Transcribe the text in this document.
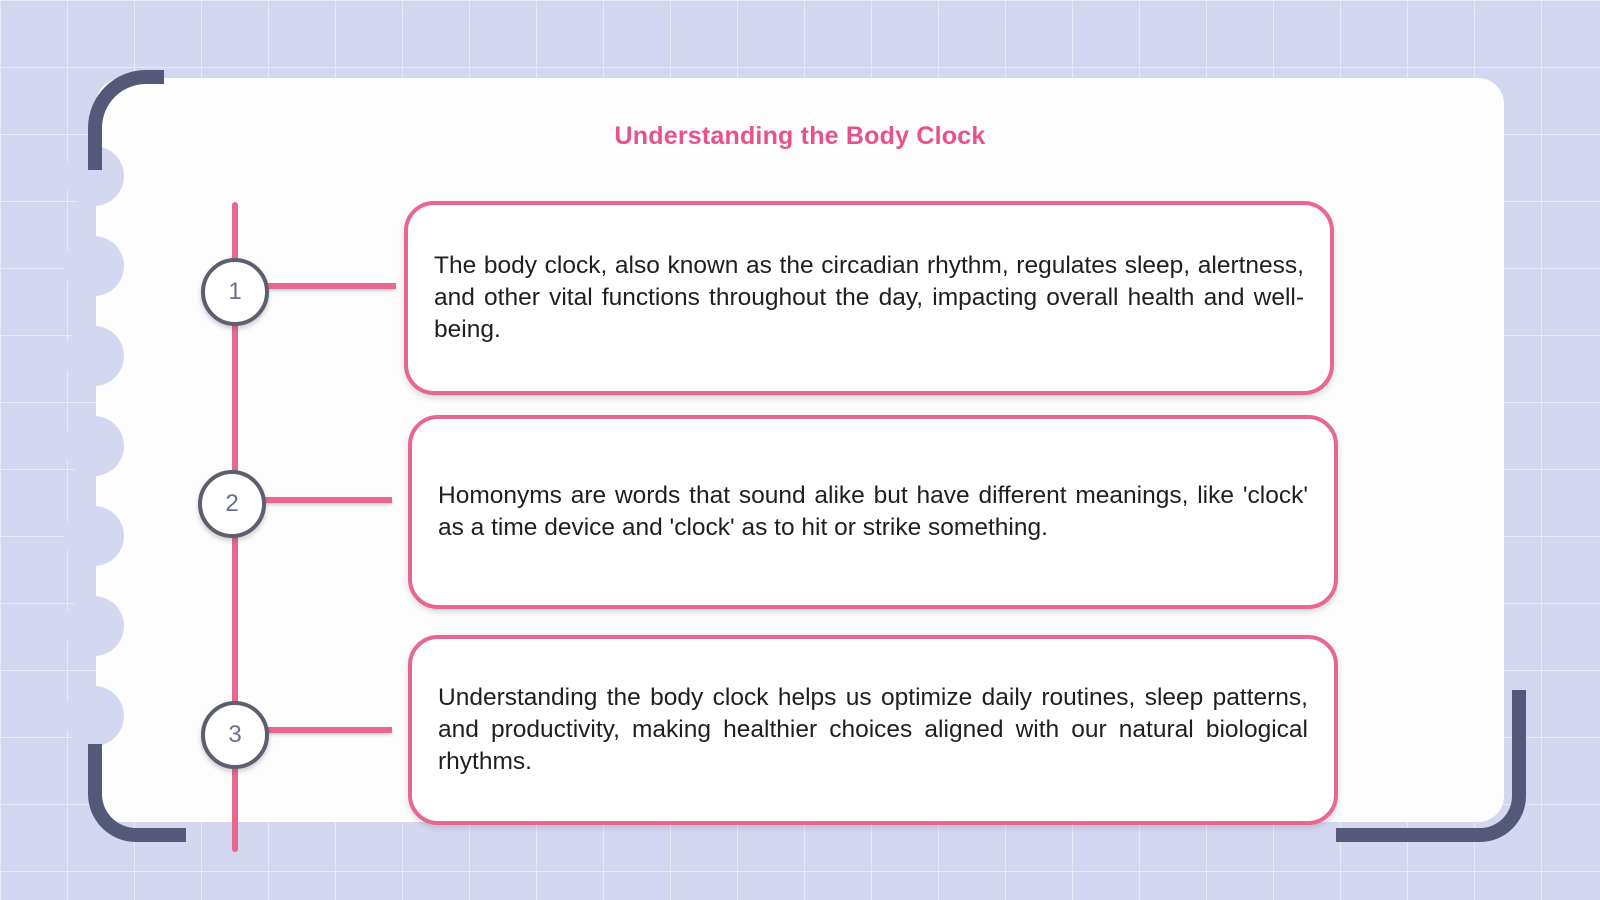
Understanding the Body Clock
1
2
3

The body clock, also known as the circadian rhythm, regulates sleep, alertness, and other vital functions throughout the day, impacting overall health and well-being.

Homonyms are words that sound alike but have different meanings, like 'clock' as a time device and 'clock' as to hit or strike something.

Understanding the body clock helps us optimize daily routines, sleep patterns, and productivity, making healthier choices aligned with our natural biological rhythms.
